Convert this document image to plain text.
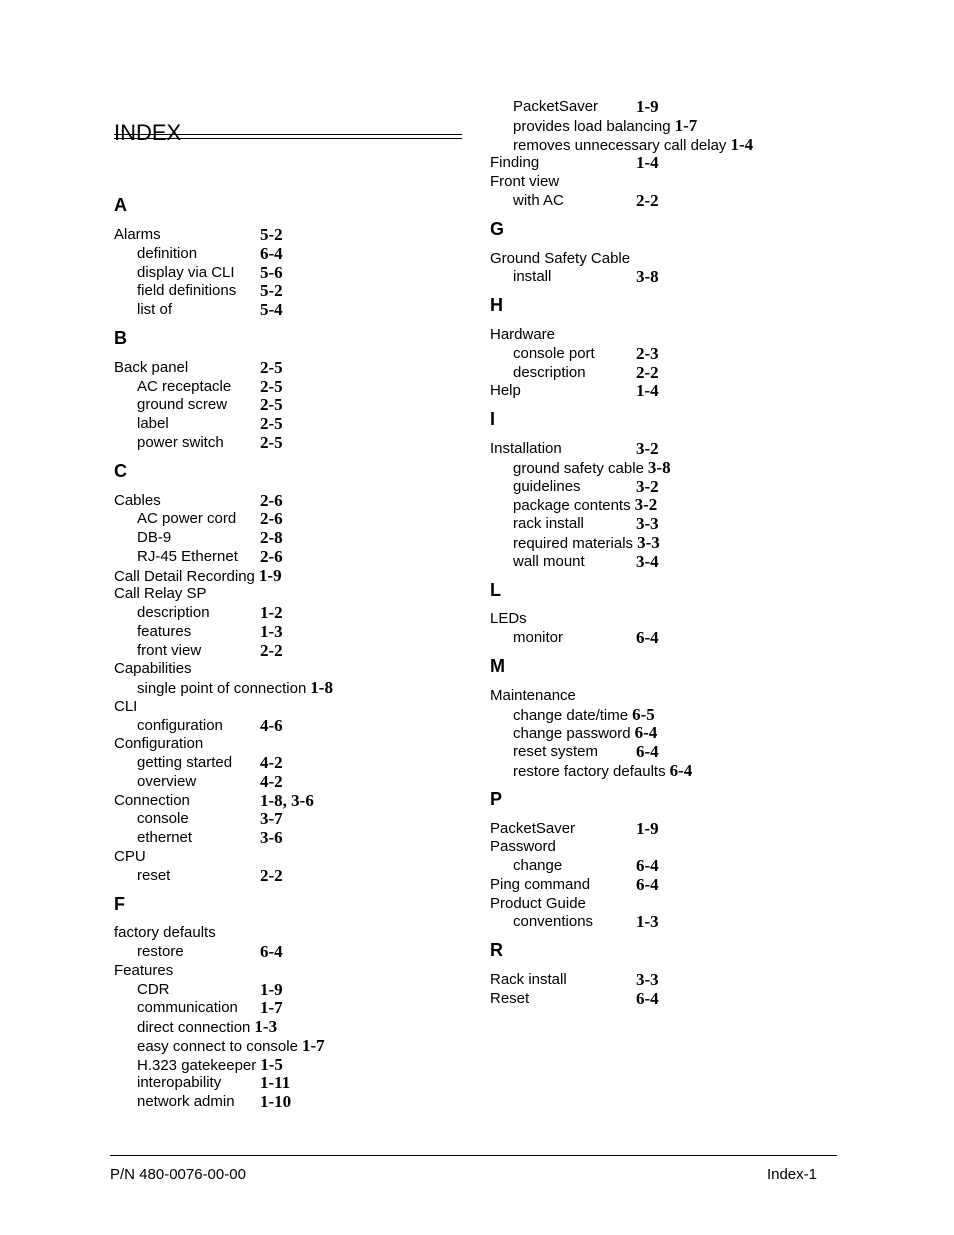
INDEX
A
Alarms	5-2
definition	6-4
display via CLI 5-6
field definitions 5-2
list of	5-4
B
Back panel	2-5
AC receptacle 2-5
ground screw 2-5
label	2-5
power switch 2-5
C
Cables	2-6
AC power cord 2-6
DB-9	2-8
RJ-45 Ethernet 2-6
Call Detail Recording 1-9
Call Relay SP
description	1-2
features	1-3
front view	2-2
Capabilities
single point of connection 1-8
CLI
configuration 4-6
Configuration
getting started 4-2
overview	4-2
Connection	1-8, 3-6
console	3-7
ethernet	3-6
CPU
reset	2-2
F
factory defaults
restore	6-4
Features
CDR	1-9
communication 1-7
direct connection 1-3
easy connect to console 1-7
H.323 gatekeeper 1-5
interopability 1-11
network admin 1-10
PacketSaver 1-9
provides load balancing 1-7
removes unnecessary call delay 1-4
Finding	1-4
Front view
with AC	2-2
G
Ground Safety Cable
install	3-8
H
Hardware
console port 2-3
description	2-2
Help	1-4
I
Installation	3-2
ground safety cable 3-8
guidelines	3-2
package contents 3-2
rack install	3-3
required materials 3-3
wall mount	3-4
L
LEDs
monitor	6-4
M
Maintenance
change date/time 6-5
change password 6-4
reset system 6-4
restore factory defaults 6-4
P
PacketSaver	1-9
Password
change	6-4
Ping command	6-4
Product Guide
conventions	1-3
R
Rack install	3-3
Reset	6-4
P/N 480-0076-00-00	Index-1
